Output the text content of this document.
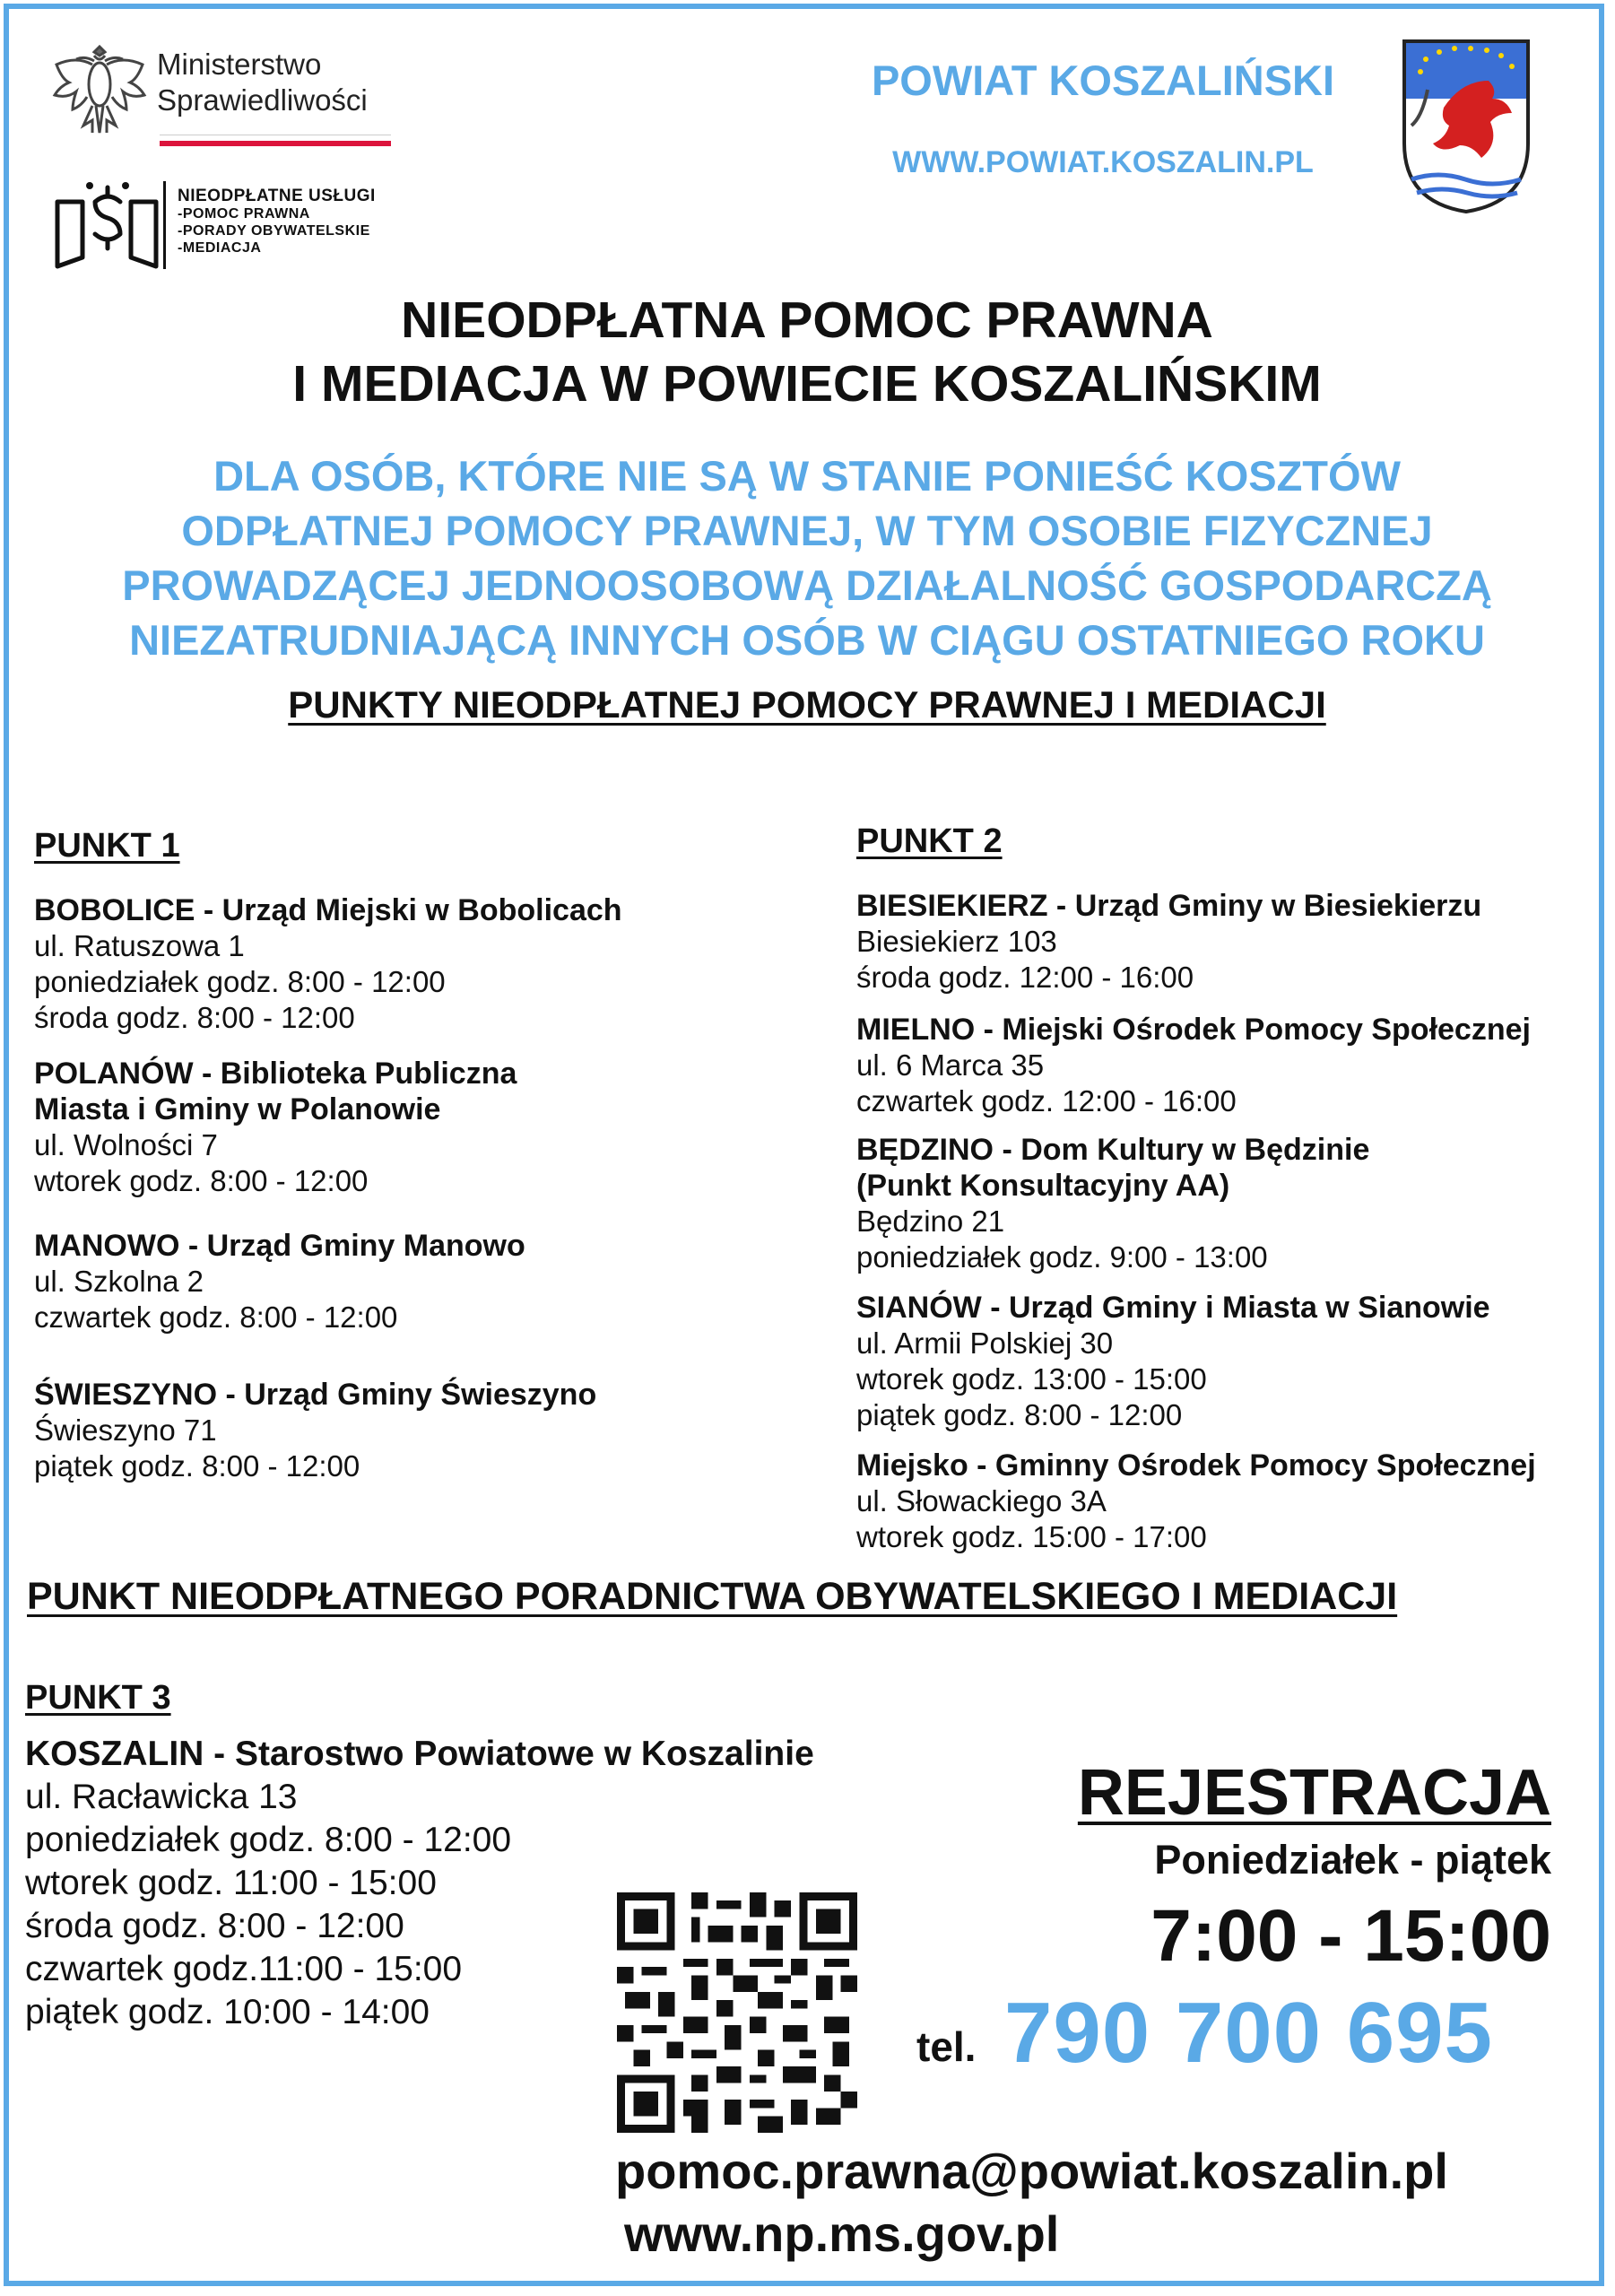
Ministerstwo
Sprawiedliwości
NIEODPŁATNE USŁUGI
-POMOC PRAWNA
-PORADY OBYWATELSKIE
-MEDIACJA
POWIAT KOSZALIŃSKI
WWW.POWIAT.KOSZALIN.PL
NIEODPŁATNA POMOC PRAWNA
I MEDIACJA W POWIECIE KOSZALIŃSKIM
DLA OSÓB, KTÓRE NIE SĄ W STANIE PONIEŚĆ KOSZTÓW
ODPŁATNEJ POMOCY PRAWNEJ, W TYM OSOBIE FIZYCZNEJ
PROWADZĄCEJ JEDNOOSOBOWĄ DZIAŁALNOŚĆ GOSPODARCZĄ
NIEZATRUDNIAJĄCĄ INNYCH OSÓB W CIĄGU OSTATNIEGO ROKU
PUNKTY NIEODPŁATNEJ POMOCY PRAWNEJ I MEDIACJI
PUNKT 1
BOBOLICE - Urząd Miejski w Bobolicach
ul. Ratuszowa 1
poniedziałek godz. 8:00 - 12:00
środa godz. 8:00 - 12:00
POLANÓW - Biblioteka Publiczna
Miasta i Gminy w Polanowie
ul. Wolności 7
wtorek godz. 8:00 - 12:00
MANOWO - Urząd Gminy Manowo
ul. Szkolna 2
czwartek godz. 8:00 - 12:00
ŚWIESZYNO - Urząd Gminy Świeszyno
Świeszyno 71
piątek godz. 8:00 - 12:00
PUNKT 2
BIESIEKIERZ - Urząd Gminy w Biesiekierzu
Biesiekierz 103
środa godz. 12:00 - 16:00
MIELNO - Miejski Ośrodek Pomocy Społecznej
ul. 6 Marca 35
czwartek godz. 12:00 - 16:00
BĘDZINO - Dom Kultury w Będzinie
(Punkt Konsultacyjny AA)
Będzino 21
poniedziałek godz. 9:00 - 13:00
SIANÓW - Urząd Gminy i Miasta w Sianowie
ul. Armii Polskiej 30
wtorek godz. 13:00 - 15:00
piątek godz. 8:00 - 12:00
Miejsko - Gminny Ośrodek Pomocy Społecznej
ul. Słowackiego 3A
wtorek godz. 15:00 - 17:00
PUNKT NIEODPŁATNEGO PORADNICTWA OBYWATELSKIEGO I MEDIACJI
PUNKT 3
KOSZALIN - Starostwo Powiatowe w Koszalinie
ul. Racławicka 13
poniedziałek godz. 8:00 - 12:00
wtorek godz. 11:00 - 15:00
środa godz. 8:00 - 12:00
czwartek godz.11:00 - 15:00
piątek godz. 10:00 - 14:00
REJESTRACJA
Poniedziałek - piątek
7:00 - 15:00
tel. 790 700 695
pomoc.prawna@powiat.koszalin.pl
www.np.ms.gov.pl
